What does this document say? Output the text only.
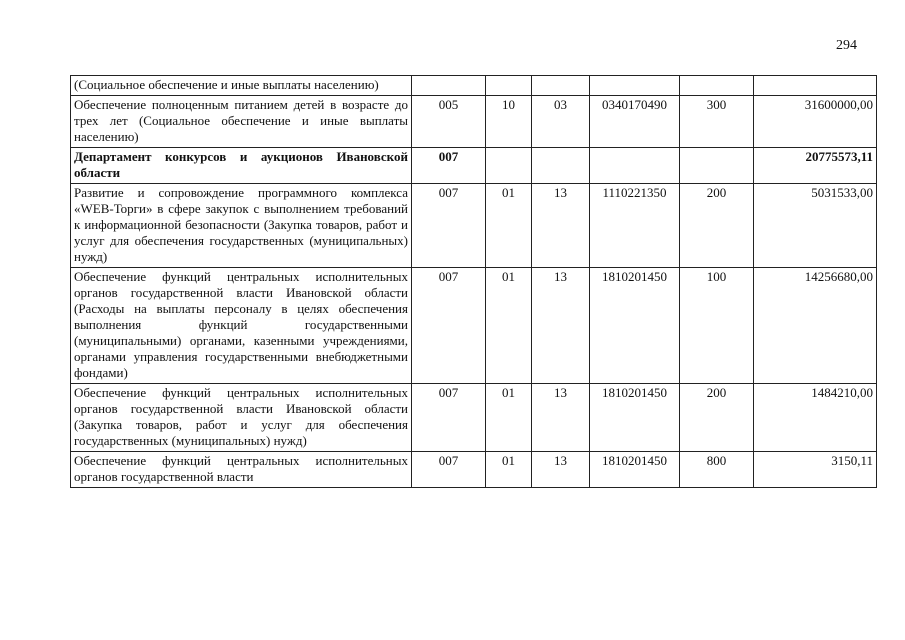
294
(Социальное обеспечение и иные выплаты населению)						
Обеспечение полноценным питанием детей в возрасте до трех лет (Социальное обеспечение и иные выплаты населению)	005	10	03	0340170490	300	31600000,00
Департамент конкурсов и аукционов Ивановской области	007					20775573,11
Развитие и сопровождение программного комплекса «WEB-Торги» в сфере закупок с выполнением требований к информационной безопасности (Закупка товаров, работ и услуг для обеспечения государственных (муниципальных) нужд)	007	01	13	1110221350	200	5031533,00
Обеспечение функций центральных исполнительных органов государственной власти Ивановской области (Расходы на выплаты персоналу в целях обеспечения выполнения функций государственными (муниципальными) органами, казенными учреждениями, органами управления государственными внебюджетными фондами)	007	01	13	1810201450	100	14256680,00
Обеспечение функций центральных исполнительных органов государственной власти Ивановской области (Закупка товаров, работ и услуг для обеспечения государственных (муниципальных) нужд)	007	01	13	1810201450	200	1484210,00
Обеспечение функций центральных исполнительных органов государственной власти	007	01	13	1810201450	800	3150,11
